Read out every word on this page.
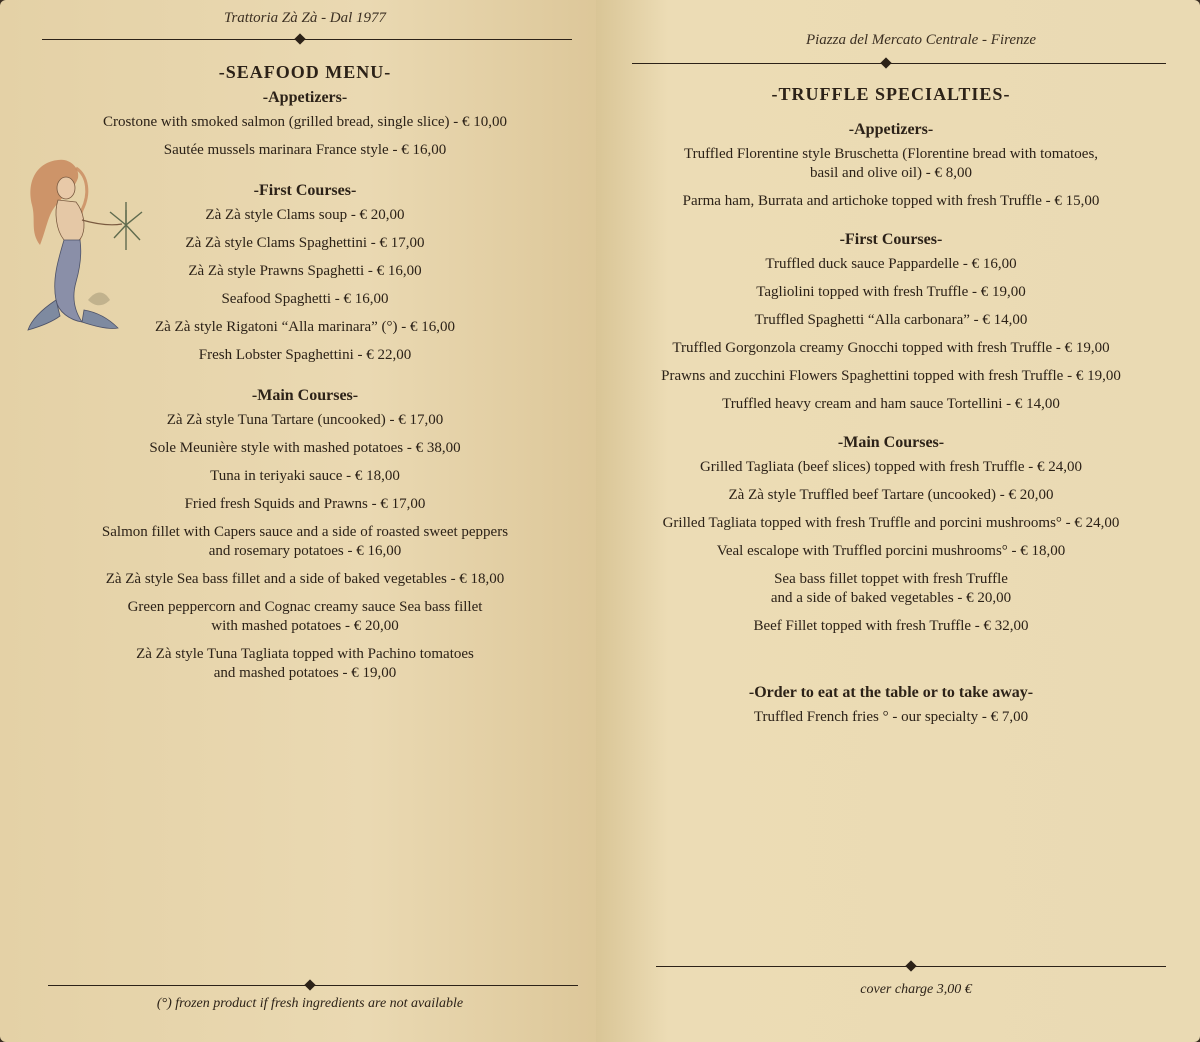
Trattoria Zà Zà - Dal 1977
-SEAFOOD MENU-
-Appetizers-
Crostone with smoked salmon (grilled bread, single slice) - € 10,00
Sautée mussels marinara France style - € 16,00
-First Courses-
Zà Zà style Clams soup - € 20,00
Zà Zà style Clams Spaghettini - € 17,00
Zà Zà style Prawns Spaghetti - € 16,00
Seafood Spaghetti - € 16,00
Zà Zà style Rigatoni “Alla marinara” (°) - € 16,00
Fresh Lobster Spaghettini - € 22,00
-Main Courses-
Zà Zà style Tuna Tartare (uncooked) - € 17,00
Sole Meunière style with mashed potatoes - € 38,00
Tuna in teriyaki sauce - € 18,00
Fried fresh Squids and Prawns - € 17,00
Salmon fillet with Capers sauce and a side of roasted sweet peppers
and rosemary potatoes - € 16,00
Zà Zà style Sea bass fillet and a side of baked vegetables - € 18,00
Green peppercorn and Cognac creamy sauce Sea bass fillet
with mashed potatoes - € 20,00
Zà Zà style Tuna Tagliata topped with Pachino tomatoes
and mashed potatoes - € 19,00
(°) frozen product if fresh ingredients are not available
Piazza del Mercato Centrale - Firenze
-TRUFFLE SPECIALTIES-
-Appetizers-
Truffled Florentine style Bruschetta (Florentine bread with tomatoes,
basil and olive oil) - € 8,00
Parma ham, Burrata and artichoke topped with fresh Truffle - € 15,00
-First Courses-
Truffled duck sauce Pappardelle - € 16,00
Tagliolini topped with fresh Truffle - € 19,00
Truffled Spaghetti “Alla carbonara” - € 14,00
Truffled Gorgonzola creamy Gnocchi topped with fresh Truffle - € 19,00
Prawns and zucchini Flowers Spaghettini topped with fresh Truffle - € 19,00
Truffled heavy cream and ham sauce Tortellini - € 14,00
-Main Courses-
Grilled Tagliata (beef slices) topped with fresh Truffle - € 24,00
Zà Zà style Truffled beef Tartare (uncooked) - € 20,00
Grilled Tagliata topped with fresh Truffle and porcini mushrooms° - € 24,00
Veal escalope with Truffled porcini mushrooms° - € 18,00
Sea bass fillet toppet with fresh Truffle
and a side of baked vegetables - € 20,00
Beef Fillet topped with fresh Truffle - € 32,00
-Order to eat at the table or to take away-
Truffled French fries ° - our specialty - € 7,00
cover charge 3,00 €
